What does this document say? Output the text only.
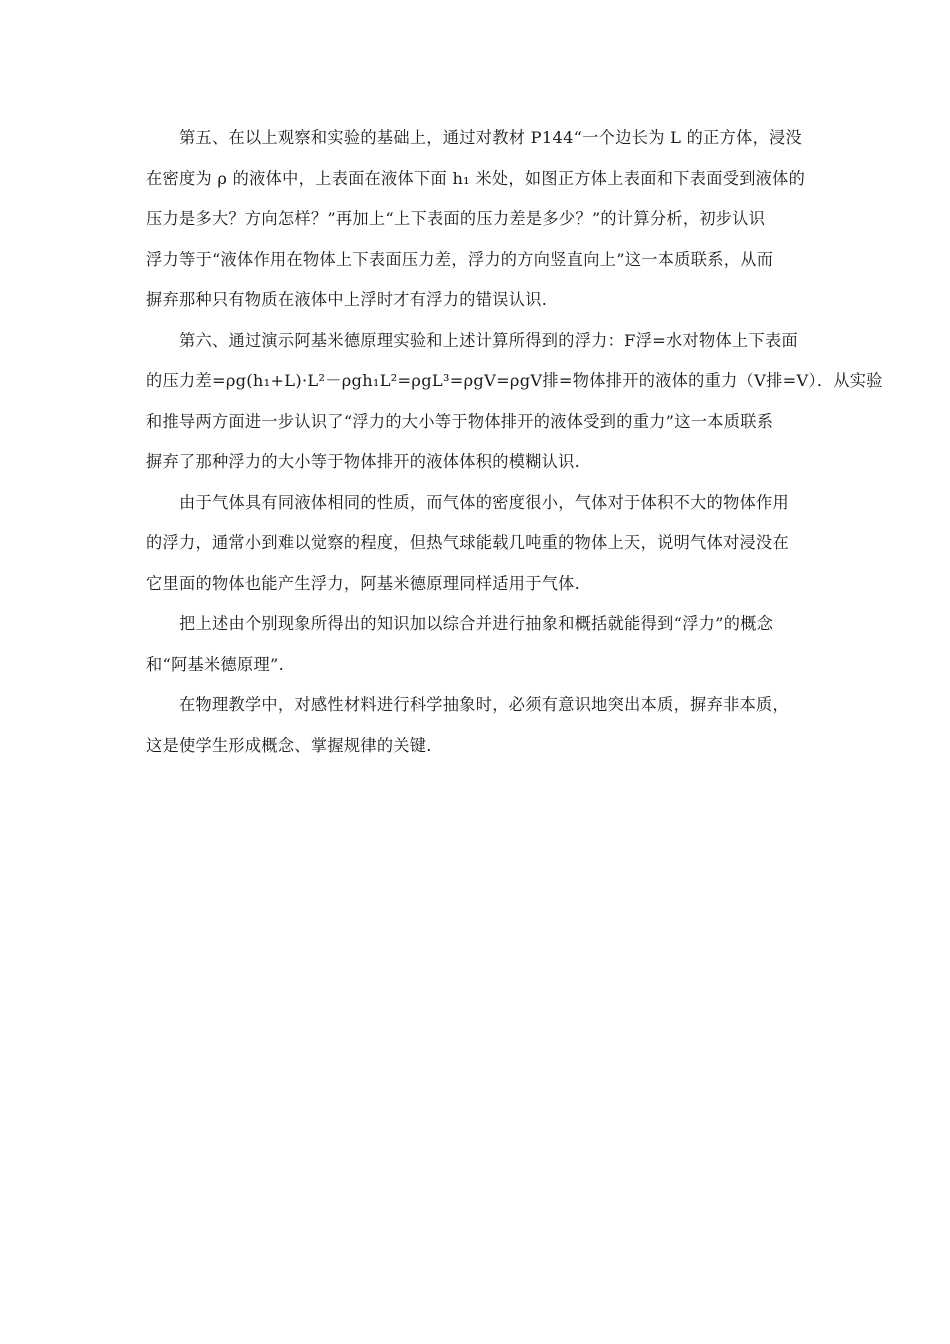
第五、在以上观察和实验的基础上，通过对教材 P144“一个边长为 L 的正方体，浸没
在密度为 ρ 的液体中，上表面在液体下面 h₁ 米处，如图正方体上表面和下表面受到液体的
压力是多大？方向怎样？”再加上“上下表面的压力差是多少？”的计算分析，初步认识
浮力等于“液体作用在物体上下表面压力差，浮力的方向竖直向上”这一本质联系，从而
摒弃那种只有物质在液体中上浮时才有浮力的错误认识.

第六、通过演示阿基米德原理实验和上述计算所得到的浮力：F浮=水对物体上下表面
的压力差=ρg(h₁+L)·L²－ρgh₁L²=ρgL³=ρgV=ρgV排=物体排开的液体的重力（V排=V）．从实验
和推导两方面进一步认识了“浮力的大小等于物体排开的液体受到的重力”这一本质联系
摒弃了那种浮力的大小等于物体排开的液体体积的模糊认识.

由于气体具有同液体相同的性质，而气体的密度很小，气体对于体积不大的物体作用
的浮力，通常小到难以觉察的程度，但热气球能载几吨重的物体上天，说明气体对浸没在
它里面的物体也能产生浮力，阿基米德原理同样适用于气体.

把上述由个别现象所得出的知识加以综合并进行抽象和概括就能得到“浮力”的概念
和“阿基米德原理”.

在物理教学中，对感性材料进行科学抽象时，必须有意识地突出本质，摒弃非本质，
这是使学生形成概念、掌握规律的关键.
